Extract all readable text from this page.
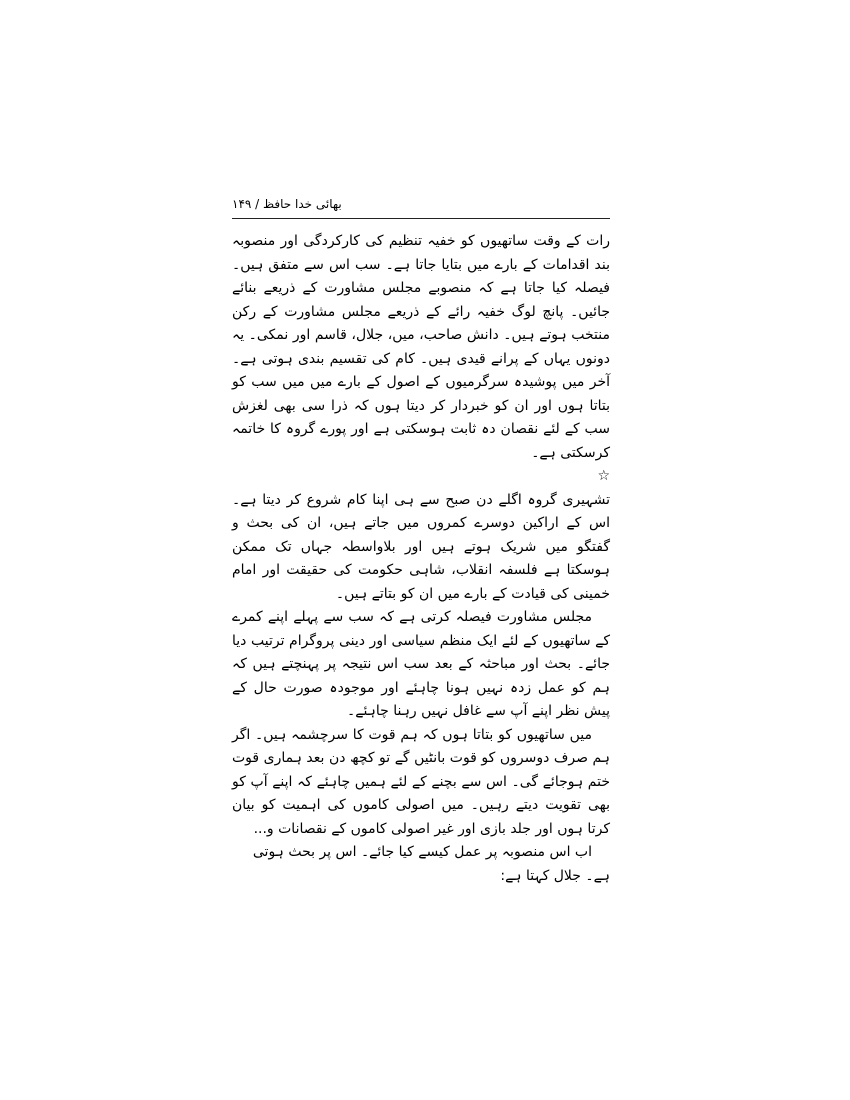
بھائی خدا حافظ / ۱۴۹

رات کے وقت ساتھیوں کو خفیہ تنظیم کی کارکردگی اور منصوبہ بند اقدامات کے بارے میں بتایا جاتا ہے۔ سب اس سے متفق ہیں۔ فیصلہ کیا جاتا ہے کہ منصوبے مجلس مشاورت کے ذریعے بنائے جائیں۔ پانچ لوگ خفیہ رائے کے ذریعے مجلس مشاورت کے رکن منتخب ہوتے ہیں۔ دانش صاحب، میں، جلال، قاسم اور نمکی۔ یہ دونوں یہاں کے پرانے قیدی ہیں۔ کام کی تقسیم بندی ہوتی ہے۔ آخر میں پوشیدہ سرگرمیوں کے اصول کے بارے میں میں سب کو بتاتا ہوں اور ان کو خبردار کر دیتا ہوں کہ ذرا سی بھی لغزش سب کے لئے نقصان دہ ثابت ہوسکتی ہے اور پورے گروہ کا خاتمہ کرسکتی ہے۔

☆

تشہیری گروہ اگلے دن صبح سے ہی اپنا کام شروع کر دیتا ہے۔ اس کے اراکین دوسرے کمروں میں جاتے ہیں، ان کی بحث و گفتگو میں شریک ہوتے ہیں اور بلاواسطہ جہاں تک ممکن ہوسکتا ہے فلسفہ انقلاب، شاہی حکومت کی حقیقت اور امام خمینی کی قیادت کے بارے میں ان کو بتاتے ہیں۔

مجلس مشاورت فیصلہ کرتی ہے کہ سب سے پہلے اپنے کمرے کے ساتھیوں کے لئے ایک منظم سیاسی اور دینی پروگرام ترتیب دیا جائے۔ بحث اور مباحثہ کے بعد سب اس نتیجہ پر پہنچتے ہیں کہ ہم کو عمل زدہ نہیں ہونا چاہئے اور موجودہ صورت حال کے پیش نظر اپنے آپ سے غافل نہیں رہنا چاہئے۔

میں ساتھیوں کو بتاتا ہوں کہ ہم قوت کا سرچشمہ ہیں۔ اگر ہم صرف دوسروں کو قوت بانٹیں گے تو کچھ دن بعد ہماری قوت ختم ہوجائے گی۔ اس سے بچنے کے لئے ہمیں چاہئے کہ اپنے آپ کو بھی تقویت دیتے رہیں۔ میں اصولی کاموں کی اہمیت کو بیان کرتا ہوں اور جلد بازی اور غیر اصولی کاموں کے نقصانات و...

اب اس منصوبہ پر عمل کیسے کیا جائے۔ اس پر بحث ہوتی ہے۔ جلال کہتا ہے:
